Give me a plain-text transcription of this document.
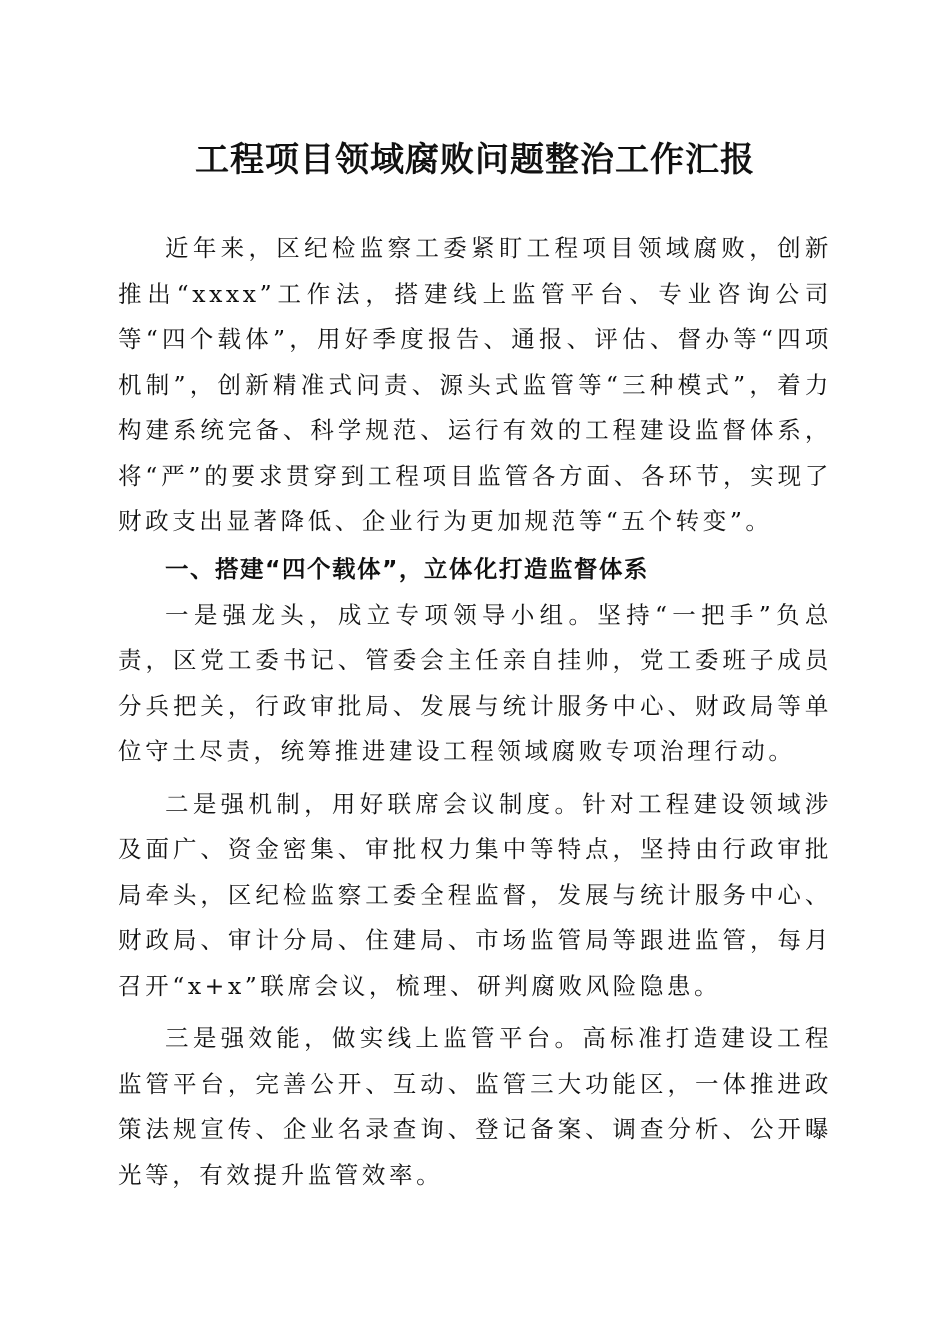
工程项目领域腐败问题整治工作汇报

近年来，区纪检监察工委紧盯工程项目领域腐败，创新推出“xxxx”工作法，搭建线上监管平台、专业咨询公司等“四个载体”，用好季度报告、通报、评估、督办等“四项机制”，创新精准式问责、源头式监管等“三种模式”，着力构建系统完备、科学规范、运行有效的工程建设监督体系，将“严”的要求贯穿到工程项目监管各方面、各环节，实现了财政支出显著降低、企业行为更加规范等“五个转变”。

一、搭建“四个载体”，立体化打造监督体系

一是强龙头，成立专项领导小组。坚持“一把手”负总责，区党工委书记、管委会主任亲自挂帅，党工委班子成员分兵把关，行政审批局、发展与统计服务中心、财政局等单位守土尽责，统筹推进建设工程领域腐败专项治理行动。

二是强机制，用好联席会议制度。针对工程建设领域涉及面广、资金密集、审批权力集中等特点，坚持由行政审批局牵头，区纪检监察工委全程监督，发展与统计服务中心、财政局、审计分局、住建局、市场监管局等跟进监管，每月召开“x+x”联席会议，梳理、研判腐败风险隐患。

三是强效能，做实线上监管平台。高标准打造建设工程监管平台，完善公开、互动、监管三大功能区，一体推进政策法规宣传、企业名录查询、登记备案、调查分析、公开曝光等，有效提升监管效率。
